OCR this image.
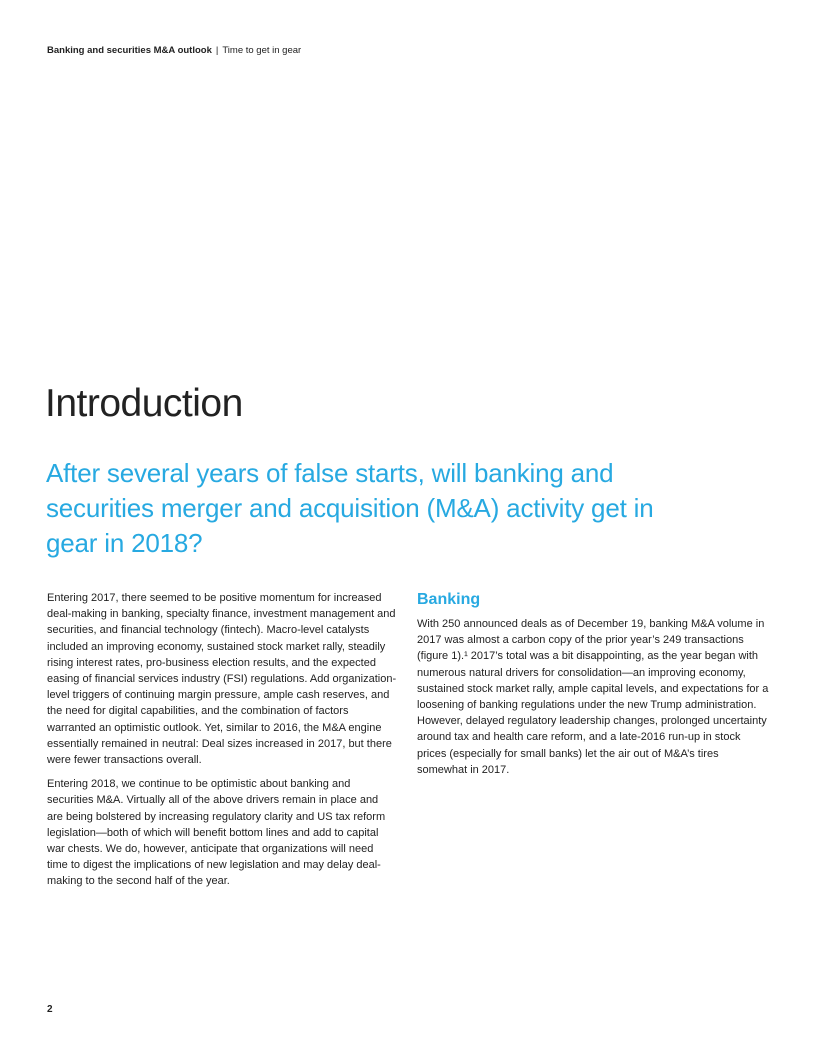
Banking and securities M&A outlook | Time to get in gear
Introduction
After several years of false starts, will banking and securities merger and acquisition (M&A) activity get in gear in 2018?

Entering 2017, there seemed to be positive momentum for increased deal-making in banking, specialty finance, investment management and securities, and financial technology (fintech). Macro-level catalysts included an improving economy, sustained stock market rally, steadily rising interest rates, pro-business election results, and the expected easing of financial services industry (FSI) regulations. Add organization-level triggers of continuing margin pressure, ample cash reserves, and the need for digital capabilities, and the combination of factors warranted an optimistic outlook. Yet, similar to 2016, the M&A engine essentially remained in neutral: Deal sizes increased in 2017, but there were fewer transactions overall.

Entering 2018, we continue to be optimistic about banking and securities M&A. Virtually all of the above drivers remain in place and are being bolstered by increasing regulatory clarity and US tax reform legislation—both of which will benefit bottom lines and add to capital war chests. We do, however, anticipate that organizations will need time to digest the implications of new legislation and may delay deal-making to the second half of the year.

Banking

With 250 announced deals as of December 19, banking M&A volume in 2017 was almost a carbon copy of the prior year’s 249 transactions (figure 1).¹ 2017’s total was a bit disappointing, as the year began with numerous natural drivers for consolidation—an improving economy, sustained stock market rally, ample capital levels, and expectations for a loosening of banking regulations under the new Trump administration. However, delayed regulatory leadership changes, prolonged uncertainty around tax and health care reform, and a late-2016 run-up in stock prices (especially for small banks) let the air out of M&A’s tires somewhat in 2017.

2
